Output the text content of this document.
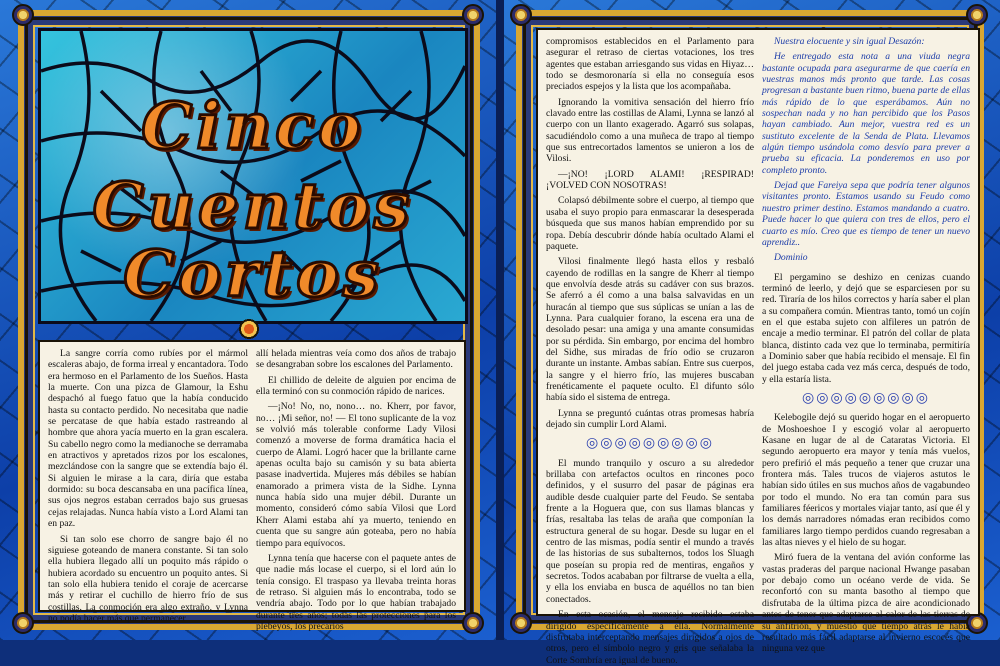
Cinco
Cuentos
Cortos

La sangre corría como rubíes por el mármol escaleras abajo, de forma irreal y encantadora. Todo era hermoso en el Parlamento de los Sueños. Hasta la muerte. Con una pizca de Glamour, la Eshu despachó al fuego fatuo que la había conducido hasta su contacto perdido. No necesitaba que nadie se percatase de que había estado rastreando al hombre que ahora yacía muerto en la gran escalera. Su cabello negro como la medianoche se derramaba en atractivos y apretados rizos por los escalones, mezclándose con la sangre que se extendía bajo él. Si alguien le mirase a la cara, diría que estaba dormido: su boca descansaba en una pacífica línea, sus ojos negros estaban cerrados bajo sus gruesas cejas relajadas. Nunca había visto a Lord Alami tan en paz.

Si tan solo ese chorro de sangre bajo él no siguiese goteando de manera constante. Si tan solo ella hubiera llegado allí un poquito más rápido o hubiera acordado su encuentro un poquito antes. Si tan solo ella hubiera tenido el coraje de acercarse más y retirar el cuchillo de hierro frío de sus costillas. La conmoción era algo extraño, y Lynna no podía hacer más que permanecer

allí helada mientras veía como dos años de trabajo se desangraban sobre los escalones del Parlamento.

El chillido de deleite de alguien por encima de ella terminó con su conmoción rápido de narices.

—¡No! No, no, nono… no. Kherr, por favor, no… ¡Mi señor, no! — El tono suplicante de la voz se volvió más tolerable conforme Lady Vilosi comenzó a moverse de forma dramática hacia el cuerpo de Alami. Logró hacer que la brillante carne apenas oculta bajo su camisón y su bata abierta pasase inadvertida. Mujeres más débiles se habían enamorado a primera vista de la Sidhe. Lynna nunca había sido una mujer débil. Durante un momento, consideró cómo sabía Vilosi que Lord Kherr Alami estaba ahí ya muerto, teniendo en cuenta que su sangre aún goteaba, pero no había tiempo para equívocos.

Lynna tenía que hacerse con el paquete antes de que nadie más locase el cuerpo, si el lord aún lo tenía consigo. El traspaso ya llevaba treinta horas de retraso. Si alguien más lo encontraba, todo se vendría abajo. Todo por lo que habían trabajado durante tres años; todas las protecciones para los plebeyos, los precarios

compromisos establecidos en el Parlamento para asegurar el retraso de ciertas votaciones, los tres agentes que estaban arriesgando sus vidas en Hiyaz… todo se desmoronaría si ella no conseguía esos preciados espejos y la lista que los acompañaba.

Ignorando la vomitiva sensación del hierro frío clavado entre las costillas de Alami, Lynna se lanzó al cuerpo con un llanto exagerado. Agarró sus solapas, sacudiéndolo como a una muñeca de trapo al tiempo que sus entrecortados lamentos se unieron a los de Vilosi.

—¡NO! ¡LORD ALAMI! ¡RESPIRAD! ¡VOLVED CON NOSOTRAS!

Colapsó débilmente sobre el cuerpo, al tiempo que usaba el suyo propio para enmascarar la desesperada búsqueda que sus manos habían emprendido por su ropa. Debía descubrir dónde había ocultado Alami el paquete.

Vilosi finalmente llegó hasta ellos y resbaló cayendo de rodillas en la sangre de Kherr al tiempo que envolvía desde atrás su cadáver con sus brazos. Se aferró a él como a una balsa salvavidas en un huracán al tiempo que sus súplicas se unían a las de Lynna. Para cualquier forano, la escena era una de desolado pesar: una amiga y una amante consumidas por su pérdida. Sin embargo, por encima del hombro del Sidhe, sus miradas de frío odio se cruzaron durante un instante. Ambas sabían. Entre sus cuerpos, la sangre y el hierro frío, las mujeres buscaban frenéticamente el paquete oculto. El difunto sólo había sido el sistema de entrega.

Lynna se preguntó cuántas otras promesas habría dejado sin cumplir Lord Alami.

◎◎◎◎◎◎◎◎◎

El mundo tranquilo y oscuro a su alrededor brillaba con artefactos ocultos en rincones poco definidos, y el susurro del pasar de páginas era audible desde cualquier parte del Feudo. Se sentaba frente a la Hoguera que, con sus llamas blancas y frías, resaltaba las telas de araña que componían la estructura general de su hogar. Desde su lugar en el centro de las mismas, podía sentir el mundo a través de las historias de sus subalternos, todos los Sluagh que poseían su propia red de mentiras, engaños y secretos. Todos acababan por filtrarse de vuelta a ella, y ella los enviaba en busca de aquéllos no tan bien conectados.

En esta ocasión, el mensaje recibido estaba dirigido específicamente a ella. Normalmente disfrutaba interceptando mensajes dirigidos a ojos de otros, pero el símbolo negro y gris que señalaba la Corte Sombría era igual de bueno.

Nuestra elocuente y sin igual Desazón:

He entregado esta nota a una viuda negra bastante ocupada para asegurarme de que caería en vuestras manos más pronto que tarde. Las cosas progresan a bastante buen ritmo, buena parte de ellas más rápido de lo que esperábamos. Aún no sospechan nada y no han percibido que los Pasos hayan cambiado. Aun mejor, vuestra red es un sustituto excelente de la Senda de Plata. Llevamos algún tiempo usándola como desvío para prever a prueba su eficacia. La ponderemos en uso por completo pronto.

Dejad que Fareiya sepa que podría tener algunos visitantes pronto. Estamos usando su Feudo como nuestro primer destino. Estamos mandando a cuatro. Puede hacer lo que quiera con tres de ellos, pero el cuarto es mío. Creo que es tiempo de tener un nuevo aprendiz..

Dominio

El pergamino se deshizo en cenizas cuando terminó de leerlo, y dejó que se esparciesen por su red. Tiraría de los hilos correctos y haría saber el plan a su compañera común. Mientras tanto, tomó un cojín en el que estaba sujeto con alfileres un patrón de encaje a medio terminar. El patrón del collar de plata blanca, distinto cada vez que lo terminaba, permitiría a Dominio saber que había recibido el mensaje. El fin del juego estaba cada vez más cerca, después de todo, y ella estaría lista.

◎◎◎◎◎◎◎◎◎

Kelebogile dejó su querido hogar en el aeropuerto de Moshoeshoe I y escogió volar al aeropuerto Kasane en lugar de al de Cataratas Victoria. El segundo aeropuerto era mayor y tenía más vuelos, pero prefirió el más pequeño a tener que cruzar una frontera más. Tales trucos de viajeros astutos le habían sido útiles en sus muchos años de vagabundeo por todo el mundo. No era tan común para sus familiares féericos y mortales viajar tanto, así que él y los demás narradores nómadas eran recibidos como familiares largo tiempo perdidos cuando regresaban a las altas nieves y el hielo de su hogar.

Miró fuera de la ventana del avión conforme las vastas praderas del parque nacional Hwange pasaban por debajo como un océano verde de vida. Se reconfortó con su manta basotho al tiempo que disfrutaba de la última pizca de aire acondicionado antes de tener que adaptarse al calor de las tierras de su anfitrión, y muestió que tiempo atrás le había resultado más fácil adaptarse al invierno escocés que ninguna vez que
